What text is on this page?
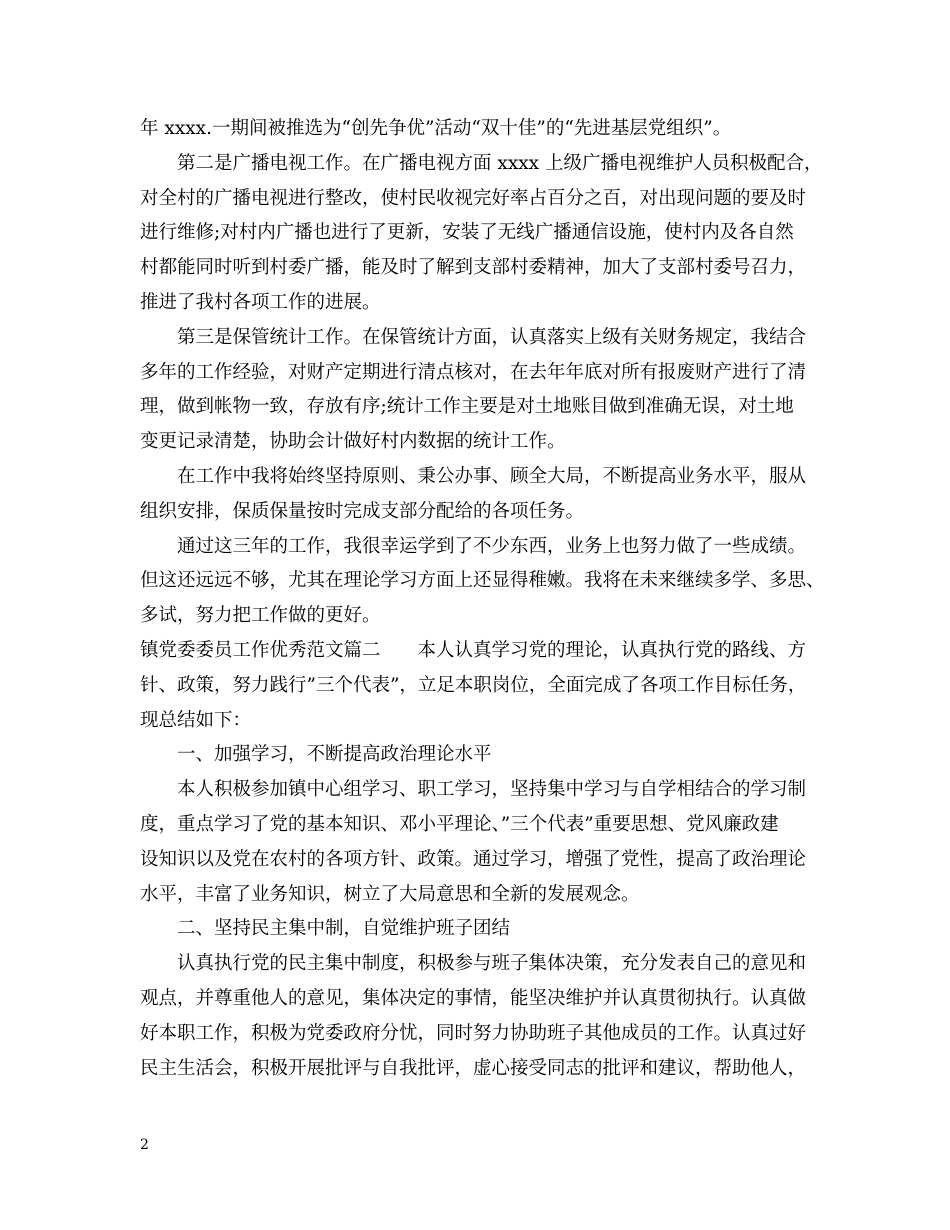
年 xxxx.一期间被推选为“创先争优”活动“双十佳”的“先进基层党组织”。
第二是广播电视工作。在广播电视方面 xxxx 上级广播电视维护人员积极配合，
对全村的广播电视进行整改，使村民收视完好率占百分之百，对出现问题的要及时
进行维修;对村内广播也进行了更新，安装了无线广播通信设施，使村内及各自然
村都能同时听到村委广播，能及时了解到支部村委精神，加大了支部村委号召力，
推进了我村各项工作的进展。
第三是保管统计工作。在保管统计方面，认真落实上级有关财务规定，我结合
多年的工作经验，对财产定期进行清点核对，在去年年底对所有报废财产进行了清
理，做到帐物一致，存放有序;统计工作主要是对土地账目做到准确无误，对土地
变更记录清楚，协助会计做好村内数据的统计工作。
在工作中我将始终坚持原则、秉公办事、顾全大局，不断提高业务水平，服从
组织安排，保质保量按时完成支部分配给的各项任务。
通过这三年的工作，我很幸运学到了不少东西，业务上也努力做了一些成绩。
但这还远远不够，尤其在理论学习方面上还显得稚嫩。我将在未来继续多学、多思、
多试，努力把工作做的更好。
镇党委委员工作优秀范文篇二　　本人认真学习党的理论，认真执行党的路线、方
针、政策，努力践行”三个代表”，立足本职岗位，全面完成了各项工作目标任务，
现总结如下：
一、加强学习，不断提高政治理论水平
本人积极参加镇中心组学习、职工学习，坚持集中学习与自学相结合的学习制
度，重点学习了党的基本知识、邓小平理论、”三个代表”重要思想、党风廉政建
设知识以及党在农村的各项方针、政策。通过学习，增强了党性，提高了政治理论
水平，丰富了业务知识，树立了大局意思和全新的发展观念。
二、坚持民主集中制，自觉维护班子团结
认真执行党的民主集中制度，积极参与班子集体决策，充分发表自己的意见和
观点，并尊重他人的意见，集体决定的事情，能坚决维护并认真贯彻执行。认真做
好本职工作，积极为党委政府分忧，同时努力协助班子其他成员的工作。认真过好
民主生活会，积极开展批评与自我批评，虚心接受同志的批评和建议，帮助他人，
2
